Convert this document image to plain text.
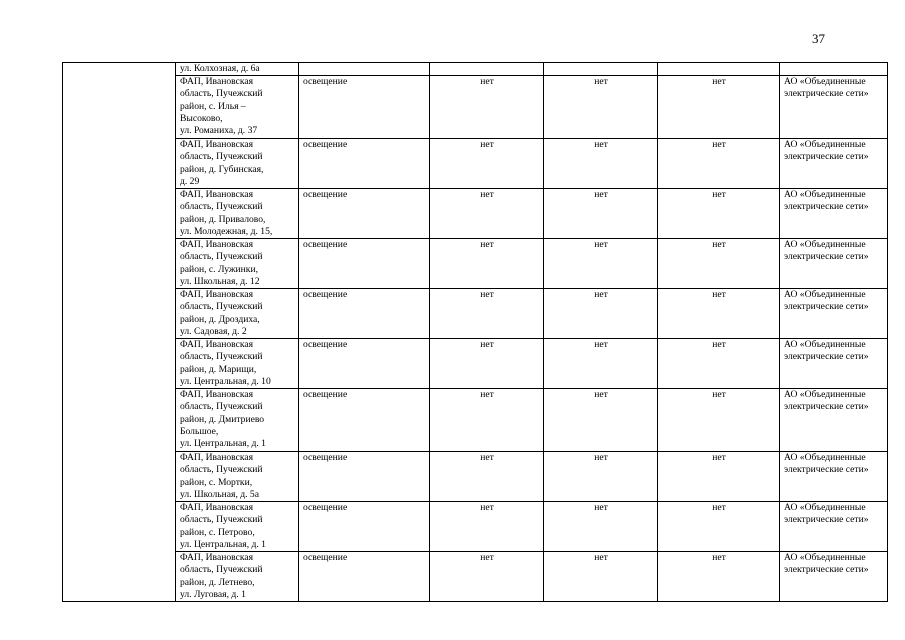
37
	ул. Колхозная, д. 6а					
	ФАП, Ивановская
область, Пучежский
район, с. Илья –
Высоково,
ул. Романиха, д. 37	освещение	нет	нет	нет	АО «Объединенные электрические сети»
	ФАП, Ивановская
область, Пучежский
район, д. Губинская,
д. 29	освещение	нет	нет	нет	АО «Объединенные электрические сети»
	ФАП, Ивановская
область, Пучежский
район, д. Привалово,
ул. Молодежная, д. 15,	освещение	нет	нет	нет	АО «Объединенные электрические сети»
	ФАП, Ивановская
область, Пучежский
район, с. Лужинки,
ул. Школьная, д. 12	освещение	нет	нет	нет	АО «Объединенные электрические сети»
	ФАП, Ивановская
область, Пучежский
район, д. Дроздиха,
ул. Садовая, д. 2	освещение	нет	нет	нет	АО «Объединенные электрические сети»
	ФАП, Ивановская
область, Пучежский
район, д. Марищи,
ул. Центральная, д. 10	освещение	нет	нет	нет	АО «Объединенные электрические сети»
	ФАП, Ивановская
область, Пучежский
район, д. Дмитриево
Большое,
ул. Центральная, д. 1	освещение	нет	нет	нет	АО «Объединенные электрические сети»
	ФАП, Ивановская
область, Пучежский
район, с. Мортки,
ул. Школьная, д. 5а	освещение	нет	нет	нет	АО «Объединенные электрические сети»
	ФАП, Ивановская
область, Пучежский
район, с. Петрово,
ул. Центральная, д. 1	освещение	нет	нет	нет	АО «Объединенные электрические сети»
	ФАП, Ивановская
область, Пучежский
район, д. Летнево,
ул. Луговая, д. 1	освещение	нет	нет	нет	АО «Объединенные электрические сети»
